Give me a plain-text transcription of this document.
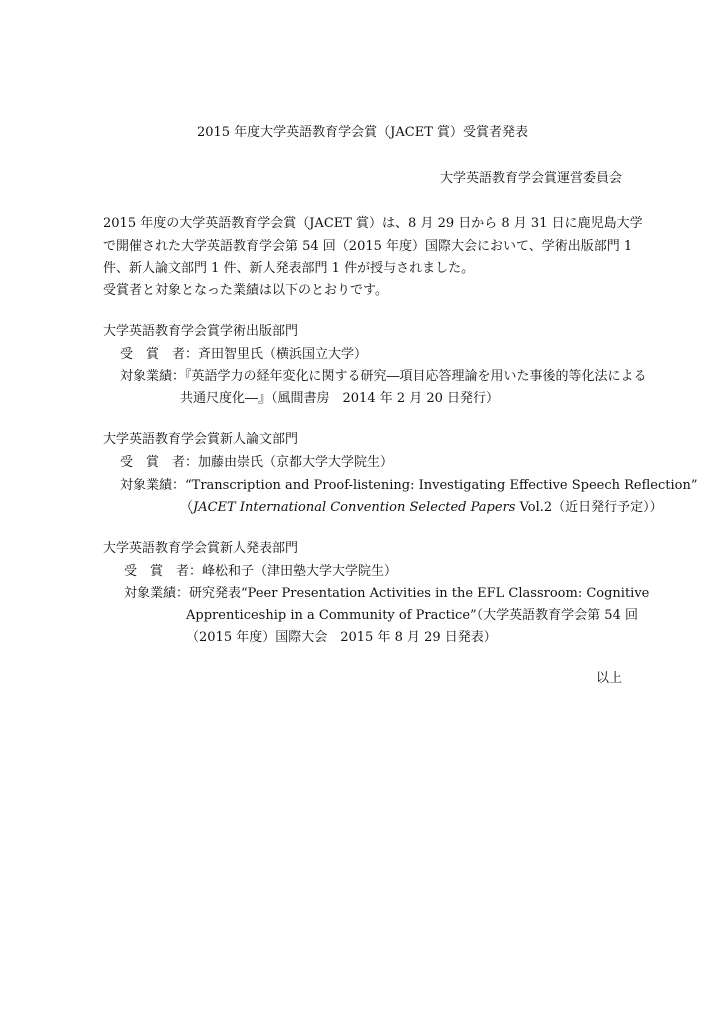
2015 年度大学英語教育学会賞（JACET 賞）受賞者発表
大学英語教育学会賞運営委員会
2015 年度の大学英語教育学会賞（JACET 賞）は、8 月 29 日から 8 月 31 日に鹿児島大学
で開催された大学英語教育学会第 54 回（2015 年度）国際大会において、学術出版部門 1
件、新人論文部門 1 件、新人発表部門 1 件が授与されました。
受賞者と対象となった業績は以下のとおりです。
大学英語教育学会賞学術出版部門
受　賞　者：斉田智里氏（横浜国立大学）
対象業績：『英語学力の経年変化に関する研究―項目応答理論を用いた事後的等化法による
共通尺度化―』（風間書房　2014 年 2 月 20 日発行）
大学英語教育学会賞新人論文部門
受　賞　者：加藤由崇氏（京都大学大学院生）
対象業績：“Transcription and Proof-listening: Investigating Effective Speech Reflection”
（JACET International Convention Selected Papers Vol.2（近日発行予定））
大学英語教育学会賞新人発表部門
受　賞　者：峰松和子（津田塾大学大学院生）
対象業績：研究発表“Peer Presentation Activities in the EFL Classroom: Cognitive
Apprenticeship in a Community of Practice”（大学英語教育学会第 54 回
（2015 年度）国際大会　2015 年 8 月 29 日発表）
以上
